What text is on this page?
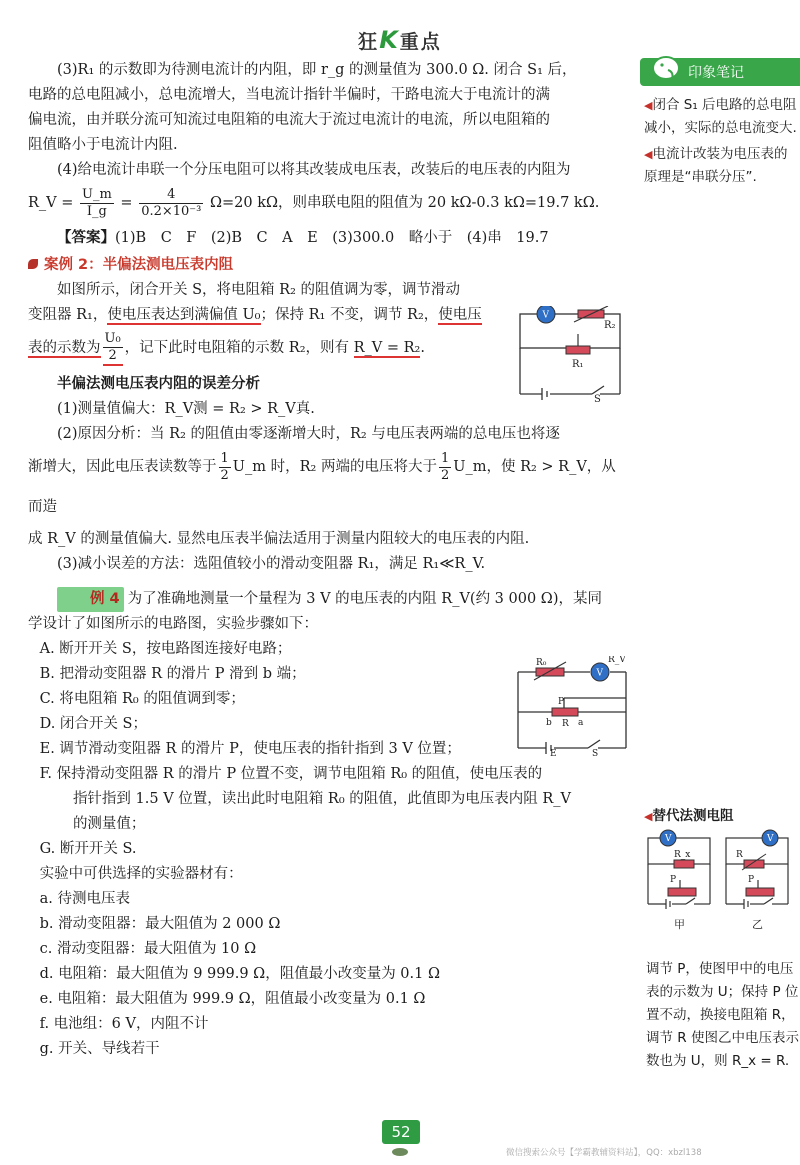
狂K重点

(3)R₁ 的示数即为待测电流计的内阻，即 r_g 的测量值为 300.0 Ω. 闭合 S₁ 后，

电路的总电阻减小，总电流增大，当电流计指针半偏时，干路电流大于电流计的满

偏电流，由并联分流可知流过电阻箱的电流大于流过电流计的电流，所以电阻箱的

阻值略小于电流计内阻.

(4)给电流计串联一个分压电阻可以将其改装成电压表，改装后的电压表的内阻为

R_V = $\frac{U\_m}{I\_g} = \frac{4}{\text{0.2×10⁻³}} \Omega=20$ kΩ，则串联电阻的阻值为 20 kΩ-0.3 kΩ=19.7 kΩ.

【答案】(1)B　C　F　(2)B　C　A　E　(3)300.0　略小于　(4)串　19.7

案例 2：半偏法测电压表内阻

如图所示，闭合开关 S，将电阻箱 R₂ 的阻值调为零，调节滑动

变阻器 R₁，使电压表达到满偏值 U₀；保持 R₁ 不变，调节 R₂，使电压

表的示数为 $\frac{\text{U₀}}{2}$ ，记下此时电阻箱的示数 R₂，则有 R_V = R₂.

半偏法测电压表内阻的误差分析

(1)测量值偏大：R_V测 = R₂ > R_V真.

(2)原因分析：当 R₂ 的阻值由零逐渐增大时，R₂ 与电压表两端的总电压也将逐

渐增大，因此电压表读数等于 $\frac{1}{2}$ U_m 时，R₂ 两端的电压将大于 $\frac{1}{2}$ U_m，使 R₂ > R_V，从而造

成 R_V 的测量值偏大. 显然电压表半偏法适用于测量内阻较大的电压表的内阻.

(3)减小误差的方法：选阻值较小的滑动变阻器 R₁，满足 R₁≪R_V.

例 4 为了准确地测量一个量程为 3 V 的电压表的内阻 R_V(约 3 000 Ω)，某同

学设计了如图所示的电路图，实验步骤如下：

A. 断开开关 S，按电路图连接好电路；

B. 把滑动变阻器 R 的滑片 P 滑到 b 端；

C. 将电阻箱 R₀ 的阻值调到零；

D. 闭合开关 S；

E. 调节滑动变阻器 R 的滑片 P，使电压表的指针指到 3 V 位置；

F. 保持滑动变阻器 R 的滑片 P 位置不变，调节电阻箱 R₀ 的阻值，使电压表的

指针指到 1.5 V 位置，读出此时电阻箱 R₀ 的阻值，此值即为电压表内阻 R_V

的测量值；

G. 断开开关 S.

实验中可供选择的实验器材有：

a. 待测电压表

b. 滑动变阻器：最大阻值为 2 000 Ω

c. 滑动变阻器：最大阻值为 10 Ω

d. 电阻箱：最大阻值为 9 999.9 Ω，阻值最小改变量为 0.1 Ω

e. 电阻箱：最大阻值为 999.9 Ω，阻值最小改变量为 0.1 Ω

f. 电池组：6 V，内阻不计

g. 开关、导线若干

V
R₂
R₁
S
V
R₀	R_V
P
b R a
E	S
印象笔记
◀闭合 S₁ 后电路的总电阻减小，实际的总电流变大.
◀电流计改装为电压表的原理是“串联分压”.
◀替代法测电阻
V	V
R_x	R
P	P
甲	乙
调节 P，使图甲中的电压表的示数为 U；保持 P 位置不动，换接电阻箱 R，调节 R 使图乙中电压表示数也为 U，则 R_x = R.
52
微信搜索公众号【学霸教辅资料站】，QQ：xbzl138
